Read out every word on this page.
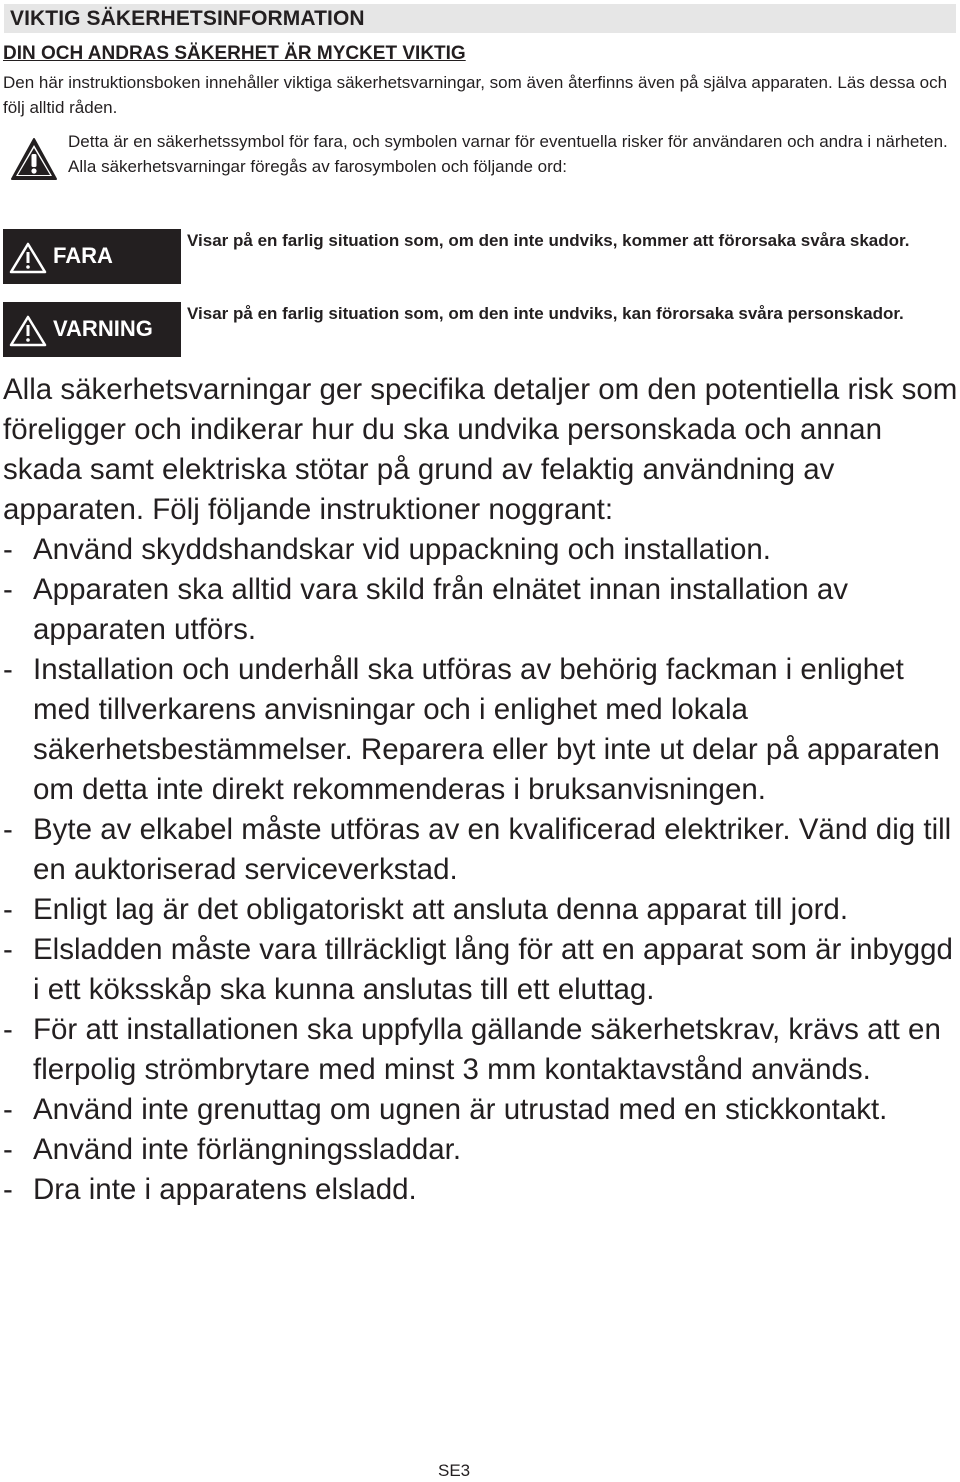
VIKTIG SÄKERHETSINFORMATION
DIN OCH ANDRAS SÄKERHET ÄR MYCKET VIKTIG
Den här instruktionsboken innehåller viktiga säkerhetsvarningar, som även återfinns även på själva apparaten. Läs dessa och följ alltid råden.
Detta är en säkerhetssymbol för fara, och symbolen varnar för eventuella risker för användaren och andra i närheten.
Alla säkerhetsvarningar föregås av farosymbolen och följande ord:
FARA
Visar på en farlig situation som, om den inte undviks, kommer att förorsaka svåra skador.
VARNING
Visar på en farlig situation som, om den inte undviks, kan förorsaka svåra personskador.
Alla säkerhetsvarningar ger specifika detaljer om den potentiella risk som föreligger och indikerar hur du ska undvika personskada och annan skada samt elektriska stötar på grund av felaktig användning av apparaten. Följ följande instruktioner noggrant:
- Använd skyddshandskar vid uppackning och installation.
- Apparaten ska alltid vara skild från elnätet innan installation av apparaten utförs.
- Installation och underhåll ska utföras av behörig fackman i enlighet med tillverkarens anvisningar och i enlighet med lokala säkerhetsbestämmelser. Reparera eller byt inte ut delar på apparaten om detta inte direkt rekommenderas i bruksanvisningen.
- Byte av elkabel måste utföras av en kvalificerad elektriker. Vänd dig till en auktoriserad serviceverkstad.
- Enligt lag är det obligatoriskt att ansluta denna apparat till jord.
- Elsladden måste vara tillräckligt lång för att en apparat som är inbyggd i ett köksskåp ska kunna anslutas till ett eluttag.
- För att installationen ska uppfylla gällande säkerhetskrav, krävs att en flerpolig strömbrytare med minst 3 mm kontaktavstånd används.
- Använd inte grenuttag om ugnen är utrustad med en stickkontakt.
- Använd inte förlängningssladdar.
- Dra inte i apparatens elsladd.
SE3
